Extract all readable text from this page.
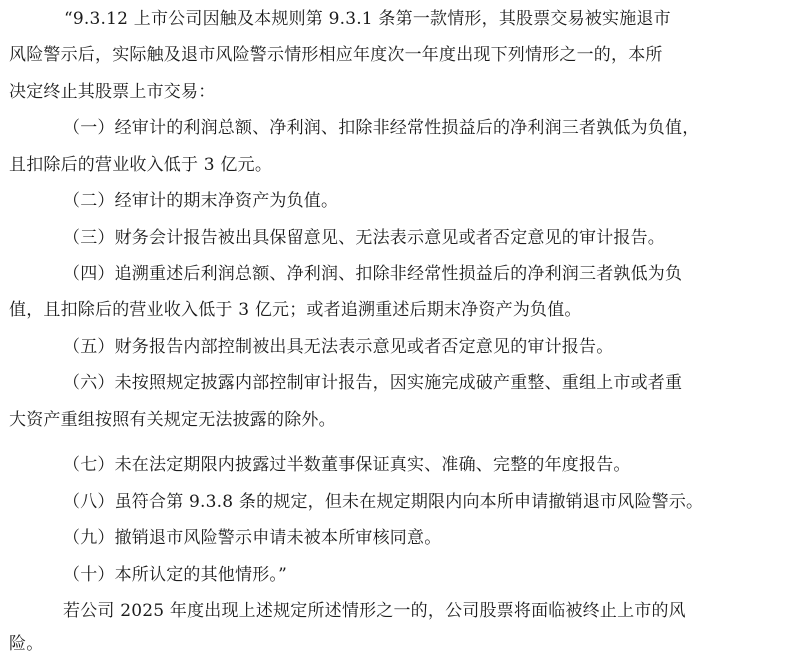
“9.3.12 上市公司因触及本规则第 9.3.1 条第一款情形，其股票交易被实施退市
风险警示后，实际触及退市风险警示情形相应年度次一年度出现下列情形之一的，本所
决定终止其股票上市交易：
（一）经审计的利润总额、净利润、扣除非经常性损益后的净利润三者孰低为负值，
且扣除后的营业收入低于 3 亿元。
（二）经审计的期末净资产为负值。
（三）财务会计报告被出具保留意见、无法表示意见或者否定意见的审计报告。
（四）追溯重述后利润总额、净利润、扣除非经常性损益后的净利润三者孰低为负
值，且扣除后的营业收入低于 3 亿元；或者追溯重述后期末净资产为负值。
（五）财务报告内部控制被出具无法表示意见或者否定意见的审计报告。
（六）未按照规定披露内部控制审计报告，因实施完成破产重整、重组上市或者重
大资产重组按照有关规定无法披露的除外。
（七）未在法定期限内披露过半数董事保证真实、准确、完整的年度报告。
（八）虽符合第 9.3.8 条的规定，但未在规定期限内向本所申请撤销退市风险警示。
（九）撤销退市风险警示申请未被本所审核同意。
（十）本所认定的其他情形。”
若公司 2025 年度出现上述规定所述情形之一的，公司股票将面临被终止上市的风
险。
